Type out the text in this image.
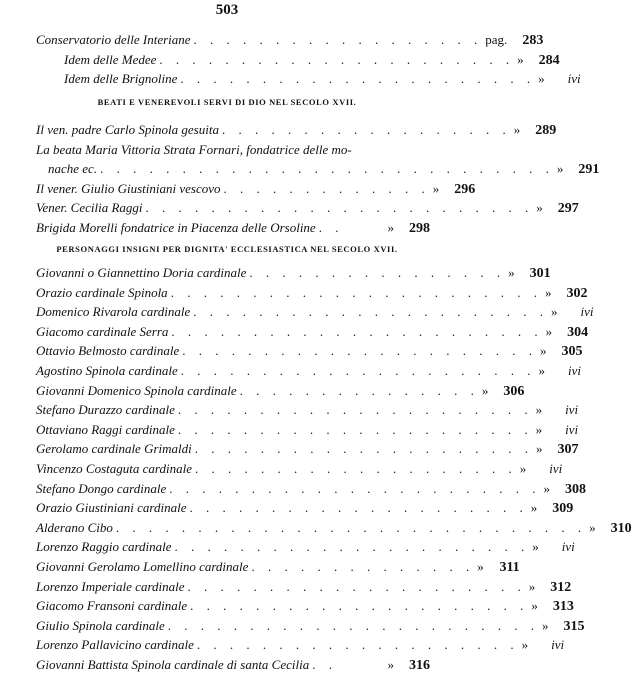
503
Conservatorio delle Interiane . . . . . . . . . . . . . . . . . . pag.	283
Idem delle Medee . . . . . . . . . . . . . . . . . . . . . . »	284
Idem delle Brignoline . . . . . . . . . . . . . . . . . . . . . . »	ivi
BEATI E VENEREVOLI SERVI DI DIO NEL SECOLO XVII.
Il ven. padre Carlo Spinola gesuita . . . . . . . . . . . . . . . . . . »	289
La beata Maria Vittoria Strata Fornari, fondatrice delle mo-
nache ec. . . . . . . . . . . . . . . . . . . . . . . . . . . . . »	291
Il vener. Giulio Giustiniani vescovo . . . . . . . . . . . . . »	296
Vener. Cecilia Raggi . . . . . . . . . . . . . . . . . . . . . . . . »	297
Brigida Morelli fondatrice in Piacenza delle Orsoline . .	»	298
PERSONAGGI INSIGNI PER DIGNITA' ECCLESIASTICA NEL SECOLO XVII.
Giovanni o Giannettino Doria cardinale . . . . . . . . . . . . . . . . »	301
Orazio cardinale Spinola . . . . . . . . . . . . . . . . . . . . . . . »	302
Domenico Rivarola cardinale . . . . . . . . . . . . . . . . . . . . . . »	ivi
Giacomo cardinale Serra . . . . . . . . . . . . . . . . . . . . . . . »	304
Ottavio Belmosto cardinale . . . . . . . . . . . . . . . . . . . . . . »	305
Agostino Spinola cardinale . . . . . . . . . . . . . . . . . . . . . . »	ivi
Giovanni Domenico Spinola cardinale . . . . . . . . . . . . . . . »	306
Stefano Durazzo cardinale . . . . . . . . . . . . . . . . . . . . . . »	ivi
Ottaviano Raggi cardinale . . . . . . . . . . . . . . . . . . . . . . »	ivi
Gerolamo cardinale Grimaldi . . . . . . . . . . . . . . . . . . . . . »	307
Vincenzo Costaguta cardinale . . . . . . . . . . . . . . . . . . . . »	ivi
Stefano Dongo cardinale . . . . . . . . . . . . . . . . . . . . . . . »	308
Orazio Giustiniani cardinale . . . . . . . . . . . . . . . . . . . . . »	309
Alderano Cibo . . . . . . . . . . . . . . . . . . . . . . . . . . . . . »	310
Lorenzo Raggio cardinale . . . . . . . . . . . . . . . . . . . . . . »	ivi
Giovanni Gerolamo Lomellino cardinale . . . . . . . . . . . . . . »	311
Lorenzo Imperiale cardinale . . . . . . . . . . . . . . . . . . . . . »	312
Giacomo Fransoni cardinale . . . . . . . . . . . . . . . . . . . . . »	313
Giulio Spinola cardinale . . . . . . . . . . . . . . . . . . . . . . . »	315
Lorenzo Pallavicino cardinale . . . . . . . . . . . . . . . . . . . . »	ivi
Giovanni Battista Spinola cardinale di santa Cecilia . .	»	316
